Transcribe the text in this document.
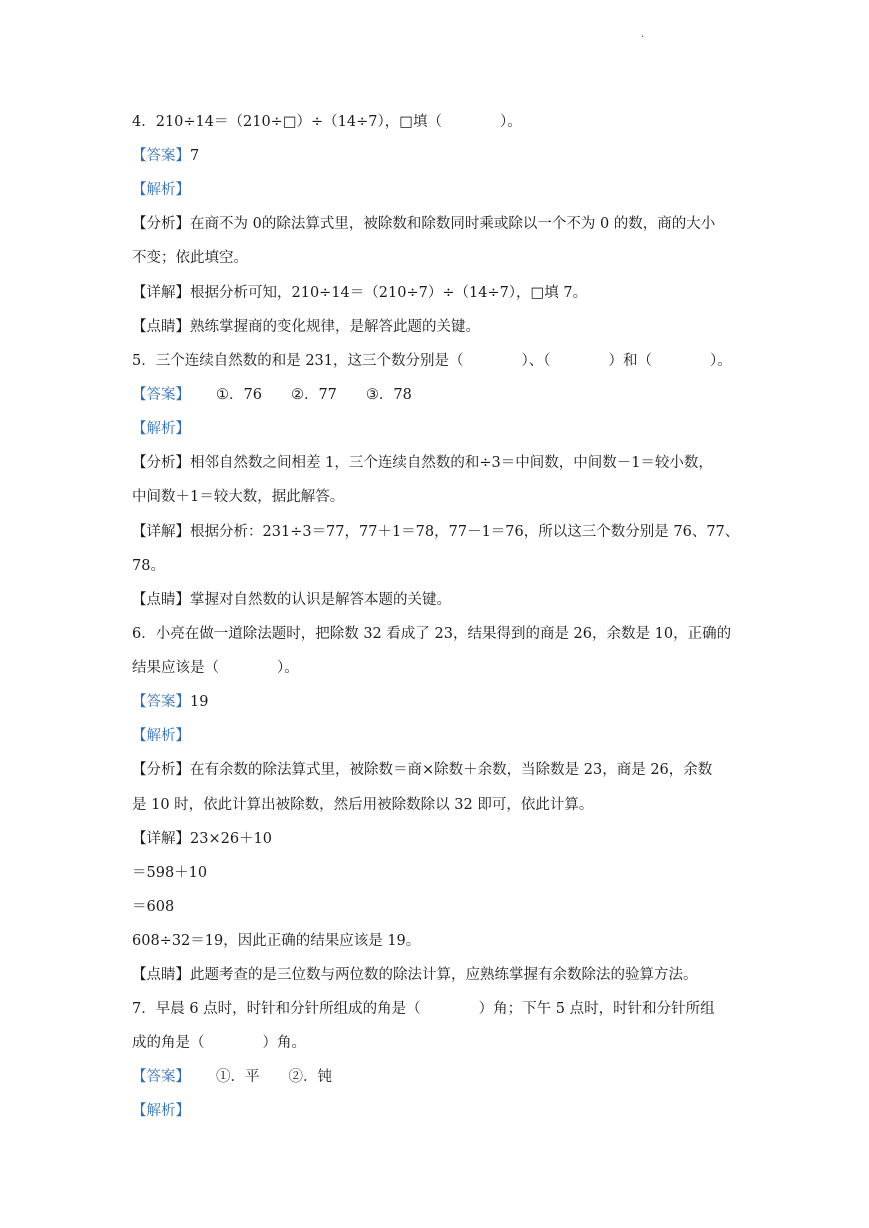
·
4．210÷14＝（210÷□）÷（14÷7），□填（　　　　）。
【答案】7
【解析】
【分析】在商不为 0的除法算式里，被除数和除数同时乘或除以一个不为 0 的数，商的大小
不变；依此填空。
【详解】根据分析可知，210÷14＝（210÷7）÷（14÷7），□填 7。
【点睛】熟练掌握商的变化规律，是解答此题的关键。
5．三个连续自然数的和是 231，这三个数分别是（　　　　）、（　　　　）和（　　　　）。
【答案】 ①．76　　②．77　　③．78
【解析】
【分析】相邻自然数之间相差 1，三个连续自然数的和÷3＝中间数，中间数－1＝较小数，
中间数＋1＝较大数，据此解答。
【详解】根据分析：231÷3＝77，77＋1＝78，77－1＝76，所以这三个数分别是 76、77、
78。
【点睛】掌握对自然数的认识是解答本题的关键。
6．小亮在做一道除法题时，把除数 32 看成了 23，结果得到的商是 26，余数是 10，正确的
结果应该是（　　　　）。
【答案】19
【解析】
【分析】在有余数的除法算式里，被除数＝商×除数＋余数，当除数是 23，商是 26，余数
是 10 时，依此计算出被除数，然后用被除数除以 32 即可，依此计算。
【详解】23×26＋10
＝598＋10
＝608
608÷32＝19，因此正确的结果应该是 19。
【点睛】此题考查的是三位数与两位数的除法计算，应熟练掌握有余数除法的验算方法。
7．早晨 6 点时，时针和分针所组成的角是（　　　　）角；下午 5 点时，时针和分针所组
成的角是（　　　　）角。
【答案】 ①．平　　②．钝
【解析】
